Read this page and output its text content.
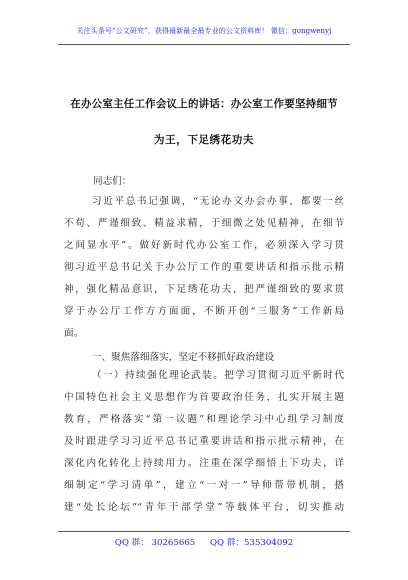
关注头条号“公文研究”，获得最新最全最专业的公文资料库！ 微信：gongwenyj
在办公室主任工作会议上的讲话：办公室工作要坚持细节
为王，下足绣花功夫
同志们：
习近平总书记强调，“无论办文办会办事，都要一丝
不苟、严谨细致、精益求精，于细微之处见精神，在细节
之间显水平”。做好新时代办公室工作，必须深入学习贯
彻习近平总书记关于办公厅工作的重要讲话和指示批示精
神，强化精品意识，下足绣花功夫，把严谨细致的要求贯
穿于办公厅工作方方面面，不断开创“三服务”工作新局
面。
一、聚焦落细落实，坚定不移抓好政治建设
（一）持续强化理论武装。把学习贯彻习近平新时代
中国特色社会主义思想作为首要政治任务，扎实开展主题
教育，严格落实“第一议题”和理论学习中心组学习制度
及时跟进学习习近平总书记重要讲话和指示批示精神，在
深化内化转化上持续用力。注重在深学细悟上下功夫，详
细制定“学习清单”，建立“一对一”导师帮带机制，搭
建“处长论坛”“青年干部学堂”等载体平台，切实推动
QQ 群： 30265665 QQ 群：535304092
